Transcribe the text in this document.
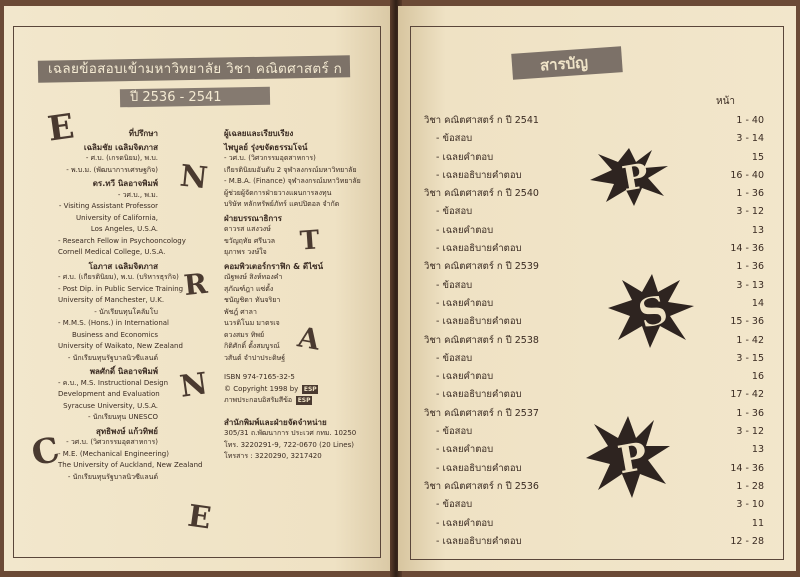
เฉลยข้อสอบเข้ามหาวิทยาลัย วิชา คณิตศาสตร์ ก
ปี 2536 - 2541
E
N
T
R
A
N
C
E
ที่ปรึกษา
เฉลิมชัย เฉลิมจิตภาส
- ศ.บ. (เกรดนิยม), พ.บ.
- พ.บ.ม. (พัฒนาการเศรษฐกิจ)
ดร.ทวี นิลอาจพิมพ์
- วศ.บ., พ.ม.
- Visiting Assistant Professor
University of California,
Los Angeles, U.S.A.
- Research Fellow in Psychooncology
Cornell Medical College, U.S.A.
โอภาส เฉลิมจิตภาส
- ศ.บ. (เกียรตินิยม), พ.บ. (บริหารธุรกิจ)
- Post Dip. in Public Service Training
University of Manchester, U.K.
- นักเรียนทุนโคลัมโบ
- M.M.S. (Hons.) in International
Business and Economics
University of Waikato, New Zealand
- นักเรียนทุนรัฐบาลนิวซีแลนด์
พลศักดิ์ นิลอาจพิมพ์
- ค.บ., M.S. Instructional Design
Development and Evaluation
Syracuse University, U.S.A.
- นักเรียนทุน UNESCO
สุทธิพงษ์ แก้วทิพย์
- วศ.บ. (วิศวกรรมอุตสาหการ)
- M.E. (Mechanical Engineering)
The University of Auckland, New Zealand
- นักเรียนทุนรัฐบาลนิวซีแลนด์
ผู้เฉลยและเรียบเรียง
ไพบูลย์ รุ่งขจัดธรรมโจน์
- วศ.บ. (วิศวกรรมอุตสาหการ)
เกียรตินิยมอันดับ 2 จุฬาลงกรณ์มหาวิทยาลัย
- M.B.A. (Finance) จุฬาลงกรณ์มหาวิทยาลัย
ผู้ช่วยผู้จัดการฝ่ายวางแผนการลงทุน
บริษัท หลักทรัพย์ภัทร์ แคปปิตอล จำกัด
ฝ่ายบรรณาธิการ
ดาวรส แสงวงษ์
ขวัญฤทัย ศรีนวล
ยุภาพร วงษ์ใจ
คอมพิวเตอร์กราฟิก & ดีไซน์
ณัฐพงษ์ สิงห์ทองคำ
สุภัณฑ์ฎา แซ่ตั้ง
ชนัญชิดา ทันจริยา
พัชฎ์ ศาลา
นวรดิโนม มาตรเจ
ดวงสมร ทิพย์
กิติศักดิ์ ตั้งสมบูรณ์
วสันต์ จำปาประดิษฐ์
ISBN 974-7165-32-5
© Copyright 1998 by ESP
ภาพประกอบอิสรัมสีข้อ ESP
สำนักพิมพ์และฝ่ายจัดจำหน่าย
305/31 ถ.พัฒนาการ ประเวศ กทม. 10250
โทร. 3220291-9, 722-0670 (20 Lines)
โทรสาร : 3220290, 3217420
สารบัญ
หน้า
วิชา คณิตศาสตร์ ก ปี 2541	1 - 40
- ข้อสอบ	3 - 14
- เฉลยคำตอบ	15
- เฉลยอธิบายคำตอบ	16 - 40
วิชา คณิตศาสตร์ ก ปี 2540	1 - 36
- ข้อสอบ	3 - 12
- เฉลยคำตอบ	13
- เฉลยอธิบายคำตอบ	14 - 36
วิชา คณิตศาสตร์ ก ปี 2539	1 - 36
- ข้อสอบ	3 - 13
- เฉลยคำตอบ	14
- เฉลยอธิบายคำตอบ	15 - 36
วิชา คณิตศาสตร์ ก ปี 2538	1 - 42
- ข้อสอบ	3 - 15
- เฉลยคำตอบ	16
- เฉลยอธิบายคำตอบ	17 - 42
วิชา คณิตศาสตร์ ก ปี 2537	1 - 36
- ข้อสอบ	3 - 12
- เฉลยคำตอบ	13
- เฉลยอธิบายคำตอบ	14 - 36
วิชา คณิตศาสตร์ ก ปี 2536	1 - 28
- ข้อสอบ	3 - 10
- เฉลยคำตอบ	11
- เฉลยอธิบายคำตอบ	12 - 28
P
S
P
